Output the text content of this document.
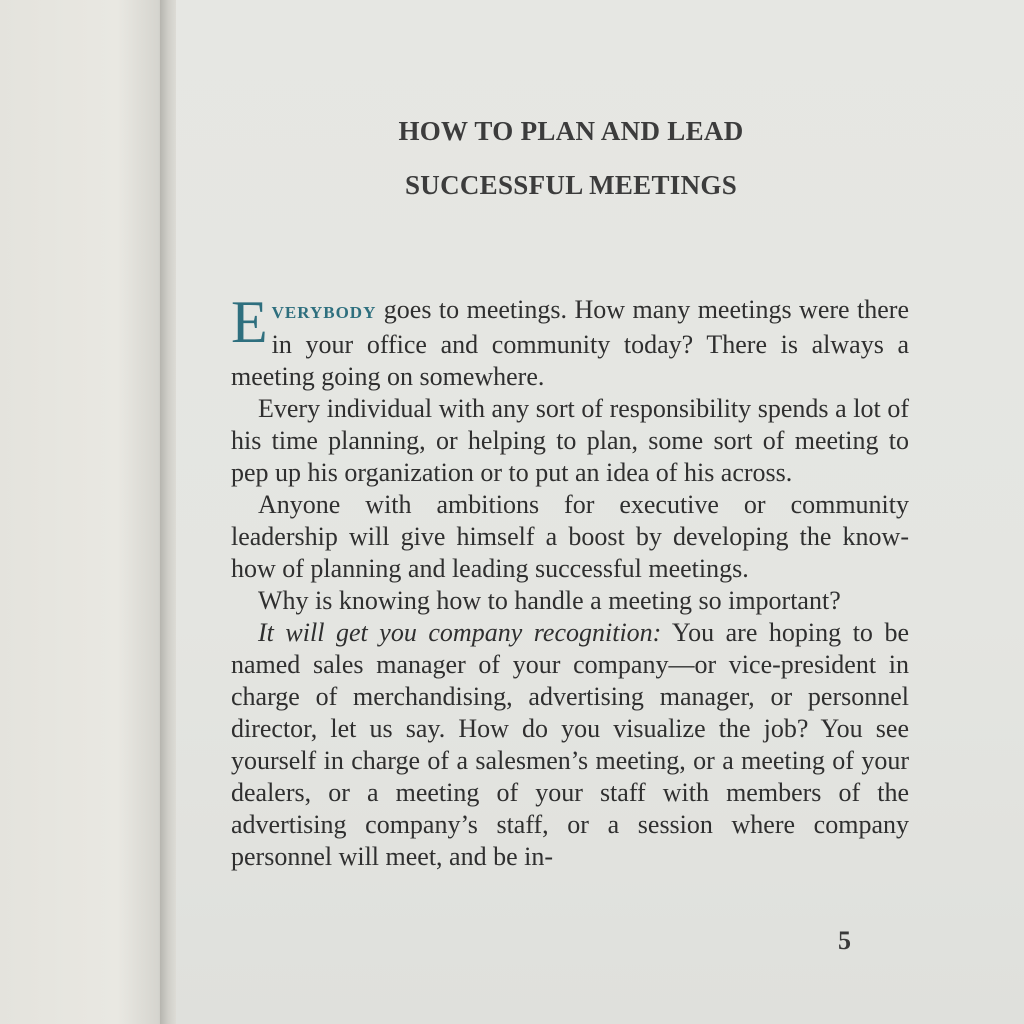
HOW TO PLAN AND LEAD
SUCCESSFUL MEETINGS

EVERYBODY goes to meetings. How many meetings were there in your office and community today? There is always a meeting going on somewhere.

Every individual with any sort of responsibility spends a lot of his time planning, or helping to plan, some sort of meeting to pep up his organization or to put an idea of his across.

Anyone with ambitions for executive or community leadership will give himself a boost by developing the know-how of planning and leading successful meetings.

Why is knowing how to handle a meeting so important?

It will get you company recognition: You are hoping to be named sales manager of your company—or vice-president in charge of merchandising, advertising manager, or personnel director, let us say. How do you visualize the job? You see yourself in charge of a salesmen’s meeting, or a meeting of your dealers, or a meeting of your staff with members of the advertising company’s staff, or a session where company personnel will meet, and be in-

5
